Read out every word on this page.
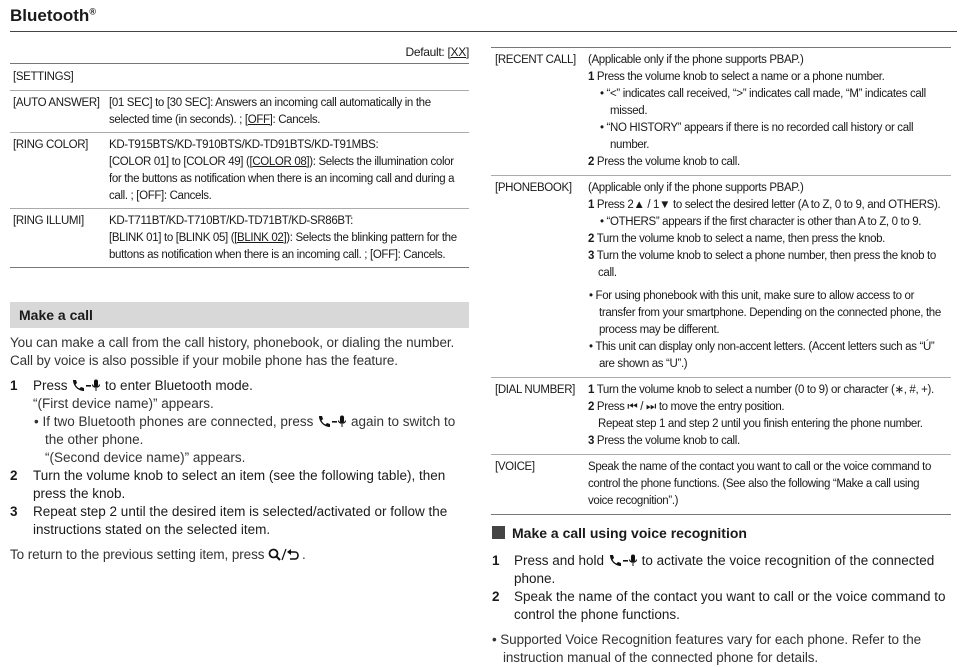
Bluetooth®
Default: [XX]
[SETTINGS]
[AUTO ANSWER] [01 SEC] to [30 SEC]: Answers an incoming call automatically in the selected time (in seconds). ; [OFF]: Cancels.
[RING COLOR] KD-T915BTS/KD-T910BTS/KD-TD91BTS/KD-T91MBS:
[COLOR 01] to [COLOR 49] ([COLOR 08]): Selects the illumination color for the buttons as notification when there is an incoming call and during a call. ; [OFF]: Cancels.
[RING ILLUMI] KD-T711BT/KD-T710BT/KD-TD71BT/KD-SR86BT:
[BLINK 01] to [BLINK 05] ([BLINK 02]): Selects the blinking pattern for the buttons as notification when there is an incoming call. ; [OFF]: Cancels.
Make a call
You can make a call from the call history, phonebook, or dialing the number. Call by voice is also possible if your mobile phone has the feature.
1 Press	to enter Bluetooth mode.
“(First device name)” appears.
• If two Bluetooth phones are connected, press	again to switch to the other phone.
“(Second device name)” appears.
2 Turn the volume knob to select an item (see the following table), then press the knob.
3 Repeat step 2 until the desired item is selected/activated or follow the instructions stated on the selected item.
To return to the previous setting item, press	.
[RECENT CALL] (Applicable only if the phone supports PBAP.)
1 Press the volume knob to select a name or a phone number.
• “<” indicates call received, “>” indicates call made, “M” indicates call missed.
• “NO HISTORY” appears if there is no recorded call history or call number.
2 Press the volume knob to call.
[PHONEBOOK] (Applicable only if the phone supports PBAP.)
1 Press 2▲ / 1▼ to select the desired letter (A to Z, 0 to 9, and OTHERS).
• “OTHERS” appears if the first character is other than A to Z, 0 to 9.
2 Turn the volume knob to select a name, then press the knob.
3 Turn the volume knob to select a phone number, then press the knob to call.
• For using phonebook with this unit, make sure to allow access to or transfer from your smartphone. Depending on the connected phone, the process may be different.
• This unit can display only non-accent letters. (Accent letters such as “Ú” are shown as “U”.)
[DIAL NUMBER] 1 Turn the volume knob to select a number (0 to 9) or character (∗, #, +).
2 Press ⏮ / ⏭ to move the entry position.
Repeat step 1 and step 2 until you finish entering the phone number.
3 Press the volume knob to call.
[VOICE]	Speak the name of the contact you want to call or the voice command to control the phone functions. (See also the following “Make a call using voice recognition”.)
Make a call using voice recognition
1 Press and hold	to activate the voice recognition of the connected phone.
2 Speak the name of the contact you want to call or the voice command to control the phone functions.
• Supported Voice Recognition features vary for each phone. Refer to the instruction manual of the connected phone for details.
